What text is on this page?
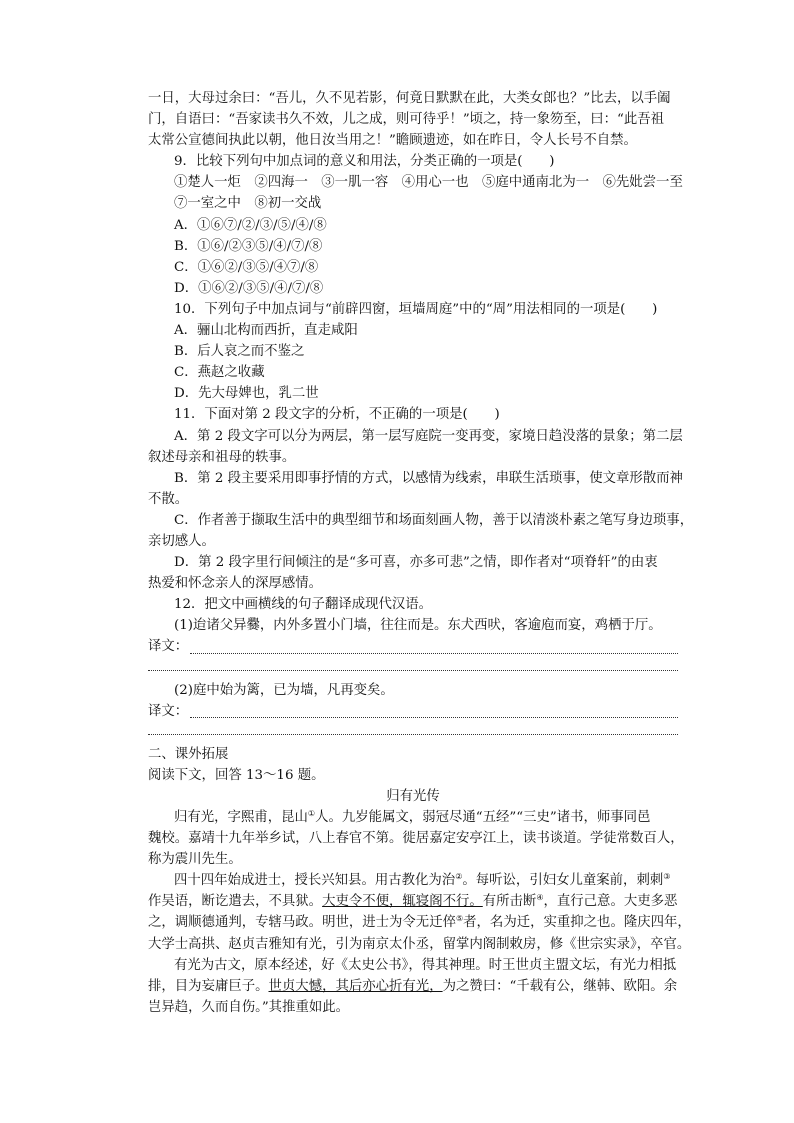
一日，大母过余曰：“吾儿，久不见若影，何竟日默默在此，大类女郎也？”比去，以手阖

门，自语曰：“吾家读书久不效，儿之成，则可待乎！”顷之，持一象笏至，曰：“此吾祖

太常公宣德间执此以朝，他日汝当用之！”瞻顾遗迹，如在昨日，令人长号不自禁。

9．比较下列句中加点词的意义和用法，分类正确的一项是(　　)

①楚人一炬　②四海一　③一肌一容　④用心一也　⑤庭中通南北为一　⑥先妣尝一至

⑦一室之中　⑧初一交战

A．①⑥⑦/②/③/⑤/④/⑧

B．①⑥/②③⑤/④/⑦/⑧

C．①⑥②/③⑤/④⑦/⑧

D．①⑥②/③⑤/④/⑦/⑧

10．下列句子中加点词与“前辟四窗，垣墙周庭”中的“周”用法相同的一项是(　　)

A．骊山北构而西折，直走咸阳

B．后人哀之而不鉴之

C．燕赵之收藏

D．先大母婢也，乳二世

11．下面对第 2 段文字的分析，不正确的一项是(　　)

A．第 2 段文字可以分为两层，第一层写庭院一变再变，家境日趋没落的景象；第二层

叙述母亲和祖母的轶事。

B．第 2 段主要采用即事抒情的方式，以感情为线索，串联生活琐事，使文章形散而神

不散。

C．作者善于撷取生活中的典型细节和场面刻画人物，善于以清淡朴素之笔写身边琐事，

亲切感人。

D．第 2 段字里行间倾注的是“多可喜，亦多可悲”之情，即作者对“项脊轩”的由衷

热爱和怀念亲人的深厚感情。

12．把文中画横线的句子翻译成现代汉语。

(1)迨诸父异爨，内外多置小门墙，往往而是。东犬西吠，客逾庖而宴，鸡栖于厅。

译文：

(2)庭中始为篱，已为墙，凡再变矣。

译文：

二、课外拓展

阅读下文，回答 13～16 题。

归有光传

归有光，字熙甫，昆山①人。九岁能属文，弱冠尽通“五经”“三史”诸书，师事同邑

魏校。嘉靖十九年举乡试，八上春官不第。徙居嘉定安亭江上，读书谈道。学徒常数百人，

称为震川先生。

四十四年始成进士，授长兴知县。用古教化为治②。每听讼，引妇女儿童案前，刺刺③

作吴语，断讫遣去，不具狱。大吏令不便，辄寝阁不行。有所击断④，直行己意。大吏多恶

之，调顺德通判，专辖马政。明世，进士为令无迁倅⑤者，名为迁，实重抑之也。隆庆四年，

大学士高拱、赵贞吉雅知有光，引为南京太仆丞，留掌内阁制敕房，修《世宗实录》，卒官。

有光为古文，原本经述，好《太史公书》，得其神理。时王世贞主盟文坛，有光力相抵

排，目为妄庸巨子。世贞大憾，其后亦心折有光，为之赞曰：“千载有公，继韩、欧阳。余

岂异趋，久而自伤。”其推重如此。
